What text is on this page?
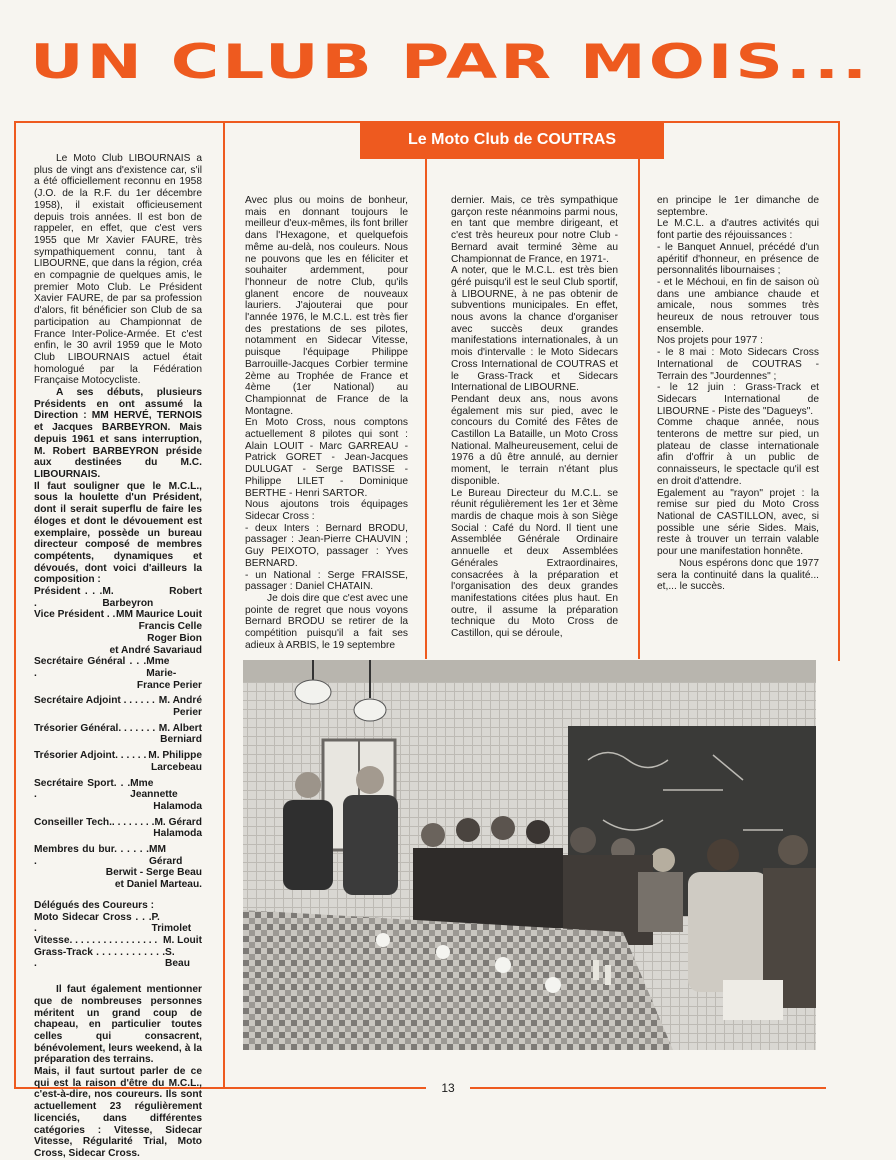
UN CLUB PAR MOIS...
Le Moto Club de COUTRAS

Le Moto Club LIBOURNAIS a plus de vingt ans d'existence car, s'il a été officiellement reconnu en 1958 (J.O. de la R.F. du 1er décembre 1958), il existait officieusement depuis trois années. Il est bon de rappeler, en effet, que c'est vers 1955 que Mr Xavier FAURE, très sympathiquement connu, tant à LIBOURNE, que dans la région, créa en compagnie de quelques amis, le premier Moto Club. Le Président Xavier FAURE, de par sa profession d'alors, fit bénéficier son Club de sa participation au Championnat de France Inter-Police-Armée. Et c'est enfin, le 30 avril 1959 que le Moto Club LIBOURNAIS actuel était homologué par la Fédération Française Motocycliste.

A ses débuts, plusieurs Présidents en ont assumé la Direction : MM HERVÉ, TERNOIS et Jacques BARBEYRON. Mais depuis 1961 et sans interruption, M. Robert BARBEYRON préside aux destinées du M.C. LIBOURNAIS.

Il faut souligner que le M.C.L., sous la houlette d'un Président, dont il serait superflu de faire les éloges et dont le dévouement est exemplaire, possède un bureau directeur composé de membres compétents, dynamiques et dévoués, dont voici d'ailleurs la composition :

Président . . . .
M. Robert Barbeyron
Vice Président . . MM Maurice Louit
Francis Celle
Roger Bion
et André Savariaud
Secrétaire Général . . . .
Mme Marie-
France Perier
Secrétaire Adjoint . . . . . . M. André
Perier
Trésorier Général. . . . . . . M. Albert
Berniard
Trésorier Adjoint. . . . . . M. Philippe
Larcebeau
Secrétaire Sport. . . .
Mme Jeannette
Halamoda
Conseiller Tech.. . . . . . . . M. Gérard
Halamoda
Membres du bur. . . . . . .
MM Gérard
Berwit - Serge Beau
et Daniel Marteau.
Délégués des Coureurs :
Moto Sidecar Cross . . . .
P. Trimolet
Vitesse. . . . . . . . . . . . . . . . M. Louit
Grass-Track . . . . . . . . . . . . .
S. Beau

Il faut également mentionner que de nombreuses personnes méritent un grand coup de chapeau, en particulier toutes celles qui consacrent, bénévolement, leurs weekend, à la préparation des terrains.

Mais, il faut surtout parler de ce qui est la raison d'être du M.C.L., c'est-à-dire, nos coureurs. Ils sont actuellement 23 régulièrement licenciés, dans différentes catégories : Vitesse, Sidecar Vitesse, Régularité Trial, Moto Cross, Sidecar Cross.

Avec plus ou moins de bonheur, mais en donnant toujours le meilleur d'eux-mêmes, ils font briller dans l'Hexagone, et quelquefois même au-delà, nos couleurs. Nous ne pouvons que les en féliciter et souhaiter ardemment, pour l'honneur de notre Club, qu'ils glanent encore de nouveaux lauriers. J'ajouterai que pour l'année 1976, le M.C.L. est très fier des prestations de ses pilotes, notamment en Sidecar Vitesse, puisque l'équipage Philippe Barrouille-Jacques Corbier termine 2ème au Trophée de France et 4ème (1er National) au Championnat de France de la Montagne.

En Moto Cross, nous comptons actuellement 8 pilotes qui sont : Alain LOUIT - Marc GARREAU - Patrick GORET - Jean-Jacques DULUGAT - Serge BATISSE - Philippe LILET - Dominique BERTHE - Henri SARTOR.

Nous ajoutons trois équipages Sidecar Cross :

- deux Inters : Bernard BRODU, passager : Jean-Pierre CHAUVIN ; Guy PEIXOTO, passager : Yves BERNARD.

- un National : Serge FRAISSE, passager : Daniel CHATAIN.

Je dois dire que c'est avec une pointe de regret que nous voyons Bernard BRODU se retirer de la compétition puisqu'il a fait ses adieux à ARBIS, le 19 septembre

dernier. Mais, ce très sympathique garçon reste néanmoins parmi nous, en tant que membre dirigeant, et c'est très heureux pour notre Club -Bernard avait terminé 3ème au Championnat de France, en 1971-.

A noter, que le M.C.L. est très bien géré puisqu'il est le seul Club sportif, à LIBOURNE, à ne pas obtenir de subventions municipales. En effet, nous avons la chance d'organiser avec succès deux grandes manifestations internationales, à un mois d'intervalle : le Moto Sidecars Cross International de COUTRAS et le Grass-Track et Sidecars International de LIBOURNE.

Pendant deux ans, nous avons également mis sur pied, avec le concours du Comité des Fêtes de Castillon La Bataille, un Moto Cross National. Malheureusement, celui de 1976 a dû être annulé, au dernier moment, le terrain n'étant plus disponible.

Le Bureau Directeur du M.C.L. se réunit régulièrement les 1er et 3ème mardis de chaque mois à son Siège Social : Café du Nord. Il tient une Assemblée Générale Ordinaire annuelle et deux Assemblées Générales Extraordinaires, consacrées à la préparation et l'organisation des deux grandes manifestations citées plus haut. En outre, il assume la préparation technique du Moto Cross de Castillon, qui se déroule,

en principe le 1er dimanche de septembre.

Le M.C.L. a d'autres activités qui font partie des réjouissances :

- le Banquet Annuel, précédé d'un apéritif d'honneur, en présence de personnalités libournaises ;

- et le Méchoui, en fin de saison où dans une ambiance chaude et amicale, nous sommes très heureux de nous retrouver tous ensemble.

Nos projets pour 1977 :

- le 8 mai : Moto Sidecars Cross International de COUTRAS - Terrain des "Jourdennes" ;

- le 12 juin : Grass-Track et Sidecars International de LIBOURNE - Piste des "Dagueys".

Comme chaque année, nous tenterons de mettre sur pied, un plateau de classe internationale afin d'offrir à un public de connaisseurs, le spectacle qu'il est en droit d'attendre.

Egalement au "rayon" projet : la remise sur pied du Moto Cross National de CASTILLON, avec, si possible une série Sides. Mais, reste à trouver un terrain valable pour une manifestation honnête.

Nous espérons donc que 1977 sera la continuité dans la qualité... et,... le succès.

13
